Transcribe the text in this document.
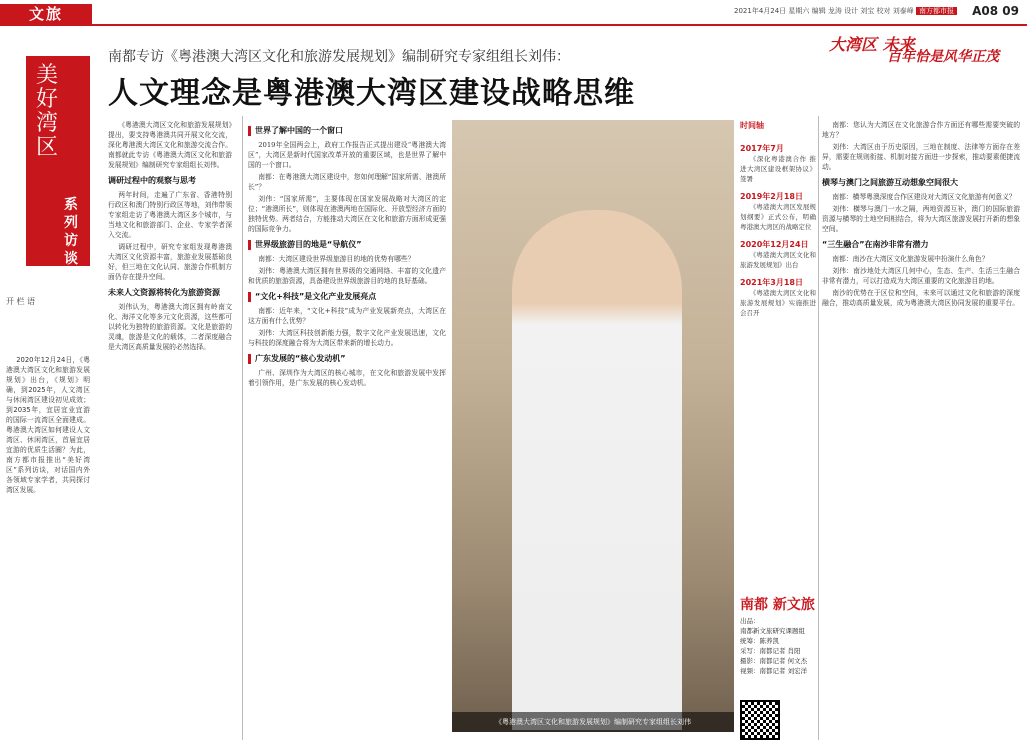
文旅	2021年4月24日 星期六 编辑 龙涛 设计 刘宝 校对 刘泰峰 南方都市报 A08 09
大湾区 未来
百年恰是风华正茂
美好湾区
系列访谈
南都专访《粤港澳大湾区文化和旅游发展规划》编制研究专家组组长刘伟：
人文理念是粤港澳大湾区建设战略思维
开 栏 语

2020年12月24日，《粤港澳大湾区文化和旅游发展规划》出台，《规划》明确，到2025年，人文湾区与休闲湾区建设初见成效；到2035年，宜居宜业宜游的国际一流湾区全面建成。粤港澳大湾区如何建设人文湾区、休闲湾区，首届宜居宜游的优质生活圈？为此，南方都市报推出“美好湾区”系列访谈，对话国内外各领域专家学者，共同探讨湾区发展。

《粤港澳大湾区文化和旅游发展规划》提出，要支持粤港澳共同开展文化交流，深化粤港澳大湾区文化和旅游交流合作。南都就此专访《粤港澳大湾区文化和旅游发展规划》编制研究专家组组长刘伟。

调研过程中的观察与思考

两年时间，走遍了广东省、香港特别行政区和澳门特别行政区等地，刘伟带领专家组走访了粤港澳大湾区多个城市，与当地文化和旅游部门、企业、专家学者深入交流。

调研过程中，研究专家组发现粤港澳大湾区文化资源丰富，旅游业发展基础良好，但三地在文化认同、旅游合作机制方面仍存在提升空间。

未来人文资源将转化为旅游资源

刘伟认为，粤港澳大湾区拥有岭南文化、海洋文化等多元文化资源，这些都可以转化为独特的旅游资源。文化是旅游的灵魂，旅游是文化的载体，二者深度融合是大湾区高质量发展的必然选择。

世界了解中国的一个窗口

2019年全国两会上，政府工作报告正式提出建设“粤港澳大湾区”，大湾区是新时代国家改革开放的重要区域，也是世界了解中国的一个窗口。

南都：在粤港澳大湾区建设中，您如何理解“国家所需、港澳所长”？

刘伟：“国家所需”，主要体现在国家发展战略对大湾区的定位；“港澳所长”，则体现在港澳两地在国际化、开放型经济方面的独特优势。两者结合，方能推动大湾区在文化和旅游方面形成更强的国际竞争力。

世界级旅游目的地是“导航仪”

南都：大湾区建设世界级旅游目的地的优势有哪些？

刘伟：粤港澳大湾区拥有世界级的交通网络、丰富的文化遗产和优质的旅游资源，具备建设世界级旅游目的地的良好基础。

“文化+科技”是文化产业发展亮点

南都：近年来，“文化+科技”成为产业发展新亮点，大湾区在这方面有什么优势？

刘伟：大湾区科技创新能力强，数字文化产业发展迅速，文化与科技的深度融合将为大湾区带来新的增长动力。

广东发展的“核心发动机”

广州、深圳作为大湾区的核心城市，在文化和旅游发展中发挥着引领作用，是广东发展的核心发动机。

《粤港澳大湾区文化和旅游发展规划》编制研究专家组组长刘伟
时间轴
2017年7月

《深化粤港澳合作 推进大湾区建设框架协议》签署

2019年2月18日

《粤港澳大湾区发展规划纲要》正式公布，明确粤港澳大湾区的战略定位

2020年12月24日

《粤港澳大湾区文化和旅游发展规划》出台

2021年3月18日

《粤港澳大湾区文化和旅游发展规划》实施推进会召开

南都 新文旅
出品：
南都新文旅研究课题组
统筹：陈养凯
采写：南都记者 肖阳
摄影：南都记者 何文杰
视频：南都记者 刘宏洋

南都：您认为大湾区在文化旅游合作方面还有哪些需要突破的地方？

刘伟：大湾区由于历史原因，三地在制度、法律等方面存在差异，需要在规则衔接、机制对接方面进一步探索，推动要素便捷流动。

横琴与澳门之间旅游互动想象空间很大

南都：横琴粤澳深度合作区建设对大湾区文化旅游有何意义？

刘伟：横琴与澳门一水之隔，两地资源互补，澳门的国际旅游资源与横琴的土地空间相结合，将为大湾区旅游发展打开新的想象空间。

“三生融合”在南沙非常有潜力

南都：南沙在大湾区文化旅游发展中扮演什么角色？

刘伟：南沙地处大湾区几何中心，生态、生产、生活三生融合非常有潜力，可以打造成为大湾区重要的文化旅游目的地。

南沙的优势在于区位和空间，未来可以通过文化和旅游的深度融合，推动高质量发展，成为粤港澳大湾区协同发展的重要平台。
